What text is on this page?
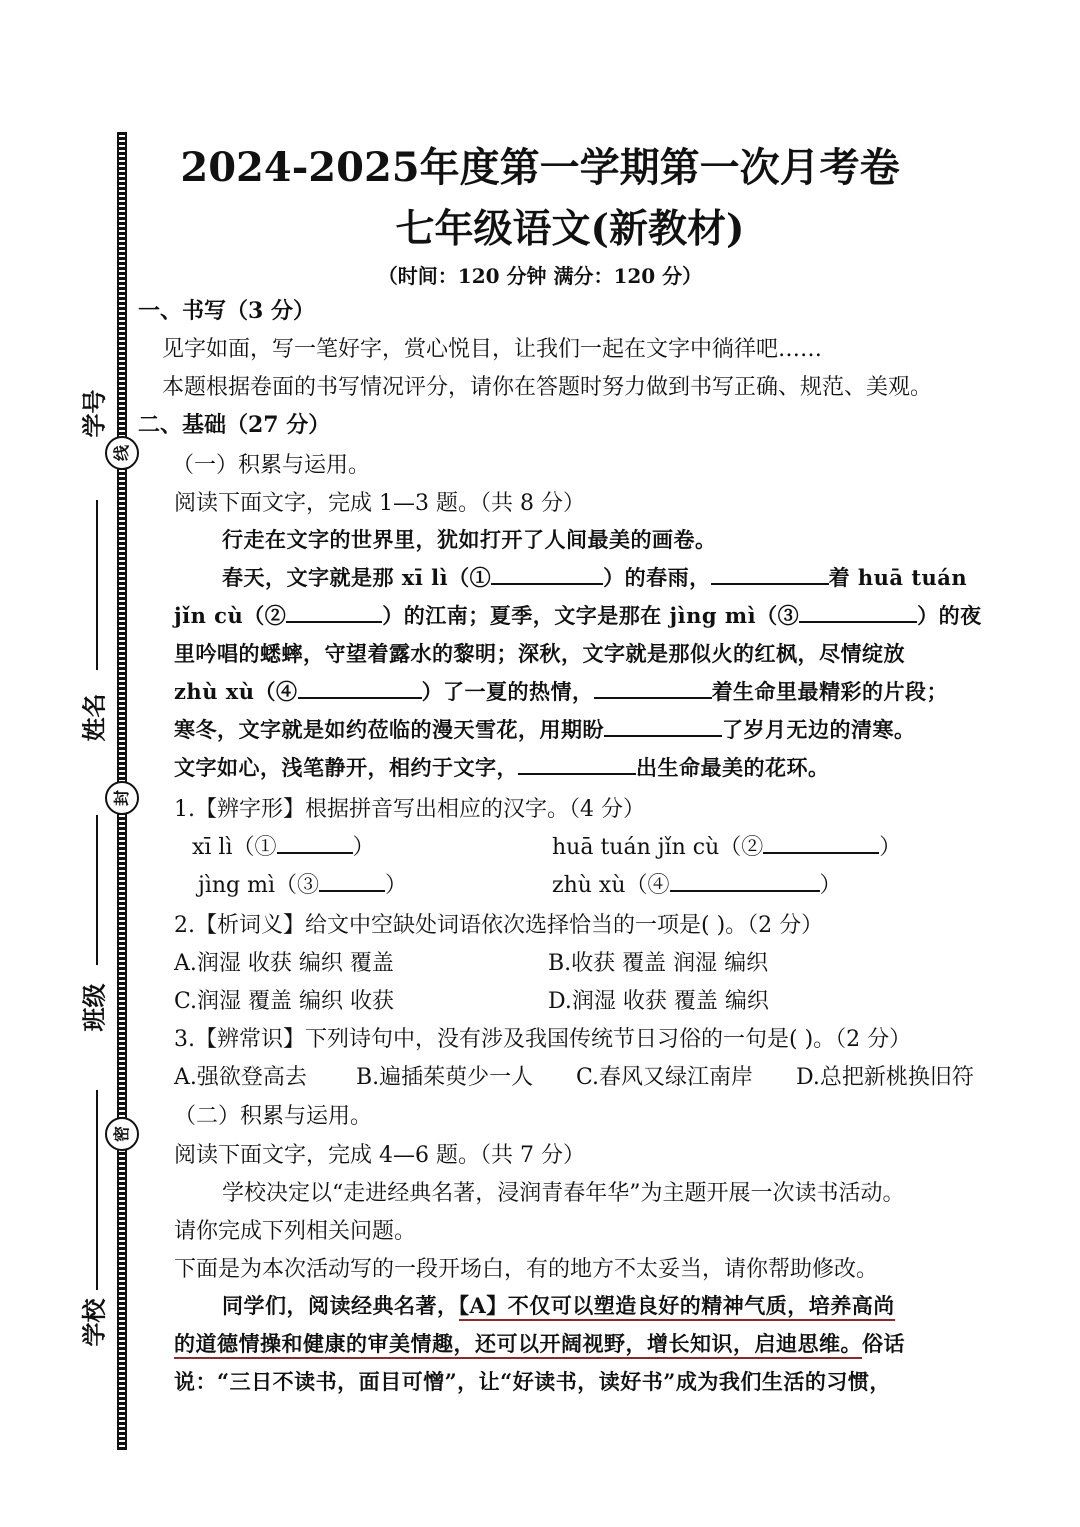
学号
姓名
班级
学校
线
封
密
2024-2025年度第一学期第一次月考卷
七年级语文(新教材)
（时间：120 分钟 满分：120 分）
一、书写（3 分）
见字如面，写一笔好字，赏心悦目，让我们一起在文字中徜徉吧……
本题根据卷面的书写情况评分，请你在答题时努力做到书写正确、规范、美观。
二、基础（27 分）
（一）积累与运用。
阅读下面文字，完成 1—3 题。（共 8 分）
行走在文字的世界里，犹如打开了人间最美的画卷。
春天，文字就是那 xī lì（①	）的春雨，	着 huā tuán
jǐn cù（②	）的江南；夏季，文字是那在 jìng mì（③	）的夜
里吟唱的蟋蟀，守望着露水的黎明；深秋，文字就是那似火的红枫，尽情绽放
zhù xù（④	）了一夏的热情，	着生命里最精彩的片段；
寒冬，文字就是如约莅临的漫天雪花，用期盼	了岁月无边的清寒。
文字如心，浅笔静开，相约于文字，	出生命最美的花环。
1.【辨字形】根据拼音写出相应的汉字。（4 分）
xī lì（①	）	huā tuán jǐn cù（②	）
jìng mì（③	）	zhù xù（④	）
2.【析词义】给文中空缺处词语依次选择恰当的一项是( )。（2 分）
A.润湿 收获 编织 覆盖	B.收获 覆盖 润湿 编织
C.润湿 覆盖 编织 收获	D.润湿 收获 覆盖 编织
3.【辨常识】下列诗句中，没有涉及我国传统节日习俗的一句是( )。（2 分）
A.强欲登高去 B.遍插茱萸少一人 C.春风又绿江南岸 D.总把新桃换旧符
（二）积累与运用。
阅读下面文字，完成 4—6 题。（共 7 分）
学校决定以“走进经典名著，浸润青春年华”为主题开展一次读书活动。
请你完成下列相关问题。
下面是为本次活动写的一段开场白，有的地方不太妥当，请你帮助修改。
同学们，阅读经典名著，【A】不仅可以塑造良好的精神气质，培养高尚
的道德情操和健康的审美情趣，还可以开阔视野，增长知识，启迪思维。俗话
说：“三日不读书，面目可憎”，让“好读书，读好书”成为我们生活的习惯，
